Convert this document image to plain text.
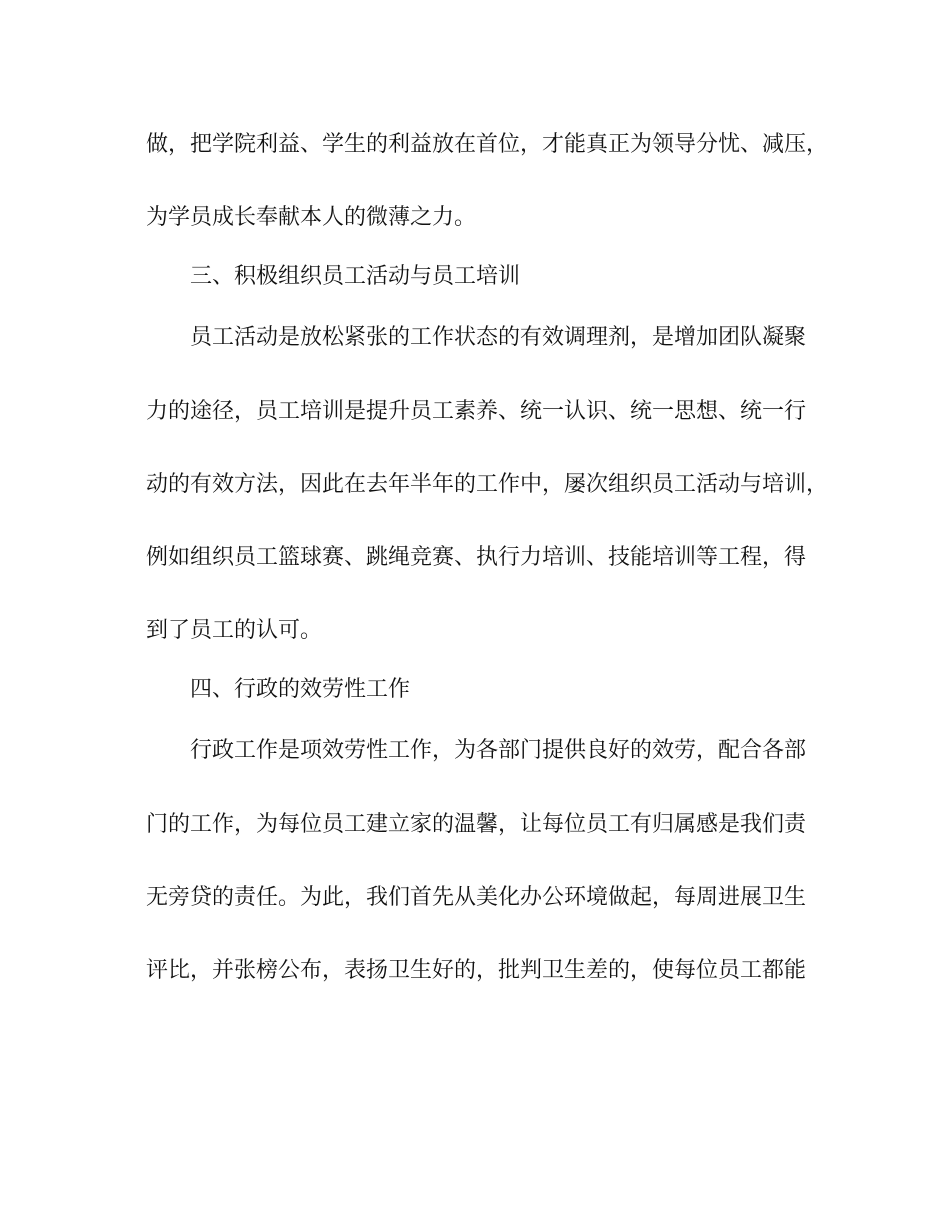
做，把学院利益、学生的利益放在首位，才能真正为领导分忧、减压，
为学员成长奉献本人的微薄之力。
三、积极组织员工活动与员工培训
员工活动是放松紧张的工作状态的有效调理剂，是增加团队凝聚
力的途径，员工培训是提升员工素养、统一认识、统一思想、统一行
动的有效方法，因此在去年半年的工作中，屡次组织员工活动与培训，
例如组织员工篮球赛、跳绳竞赛、执行力培训、技能培训等工程，得
到了员工的认可。
四、行政的效劳性工作
行政工作是项效劳性工作，为各部门提供良好的效劳，配合各部
门的工作，为每位员工建立家的温馨，让每位员工有归属感是我们责
无旁贷的责任。为此，我们首先从美化办公环境做起，每周进展卫生
评比，并张榜公布，表扬卫生好的，批判卫生差的，使每位员工都能
